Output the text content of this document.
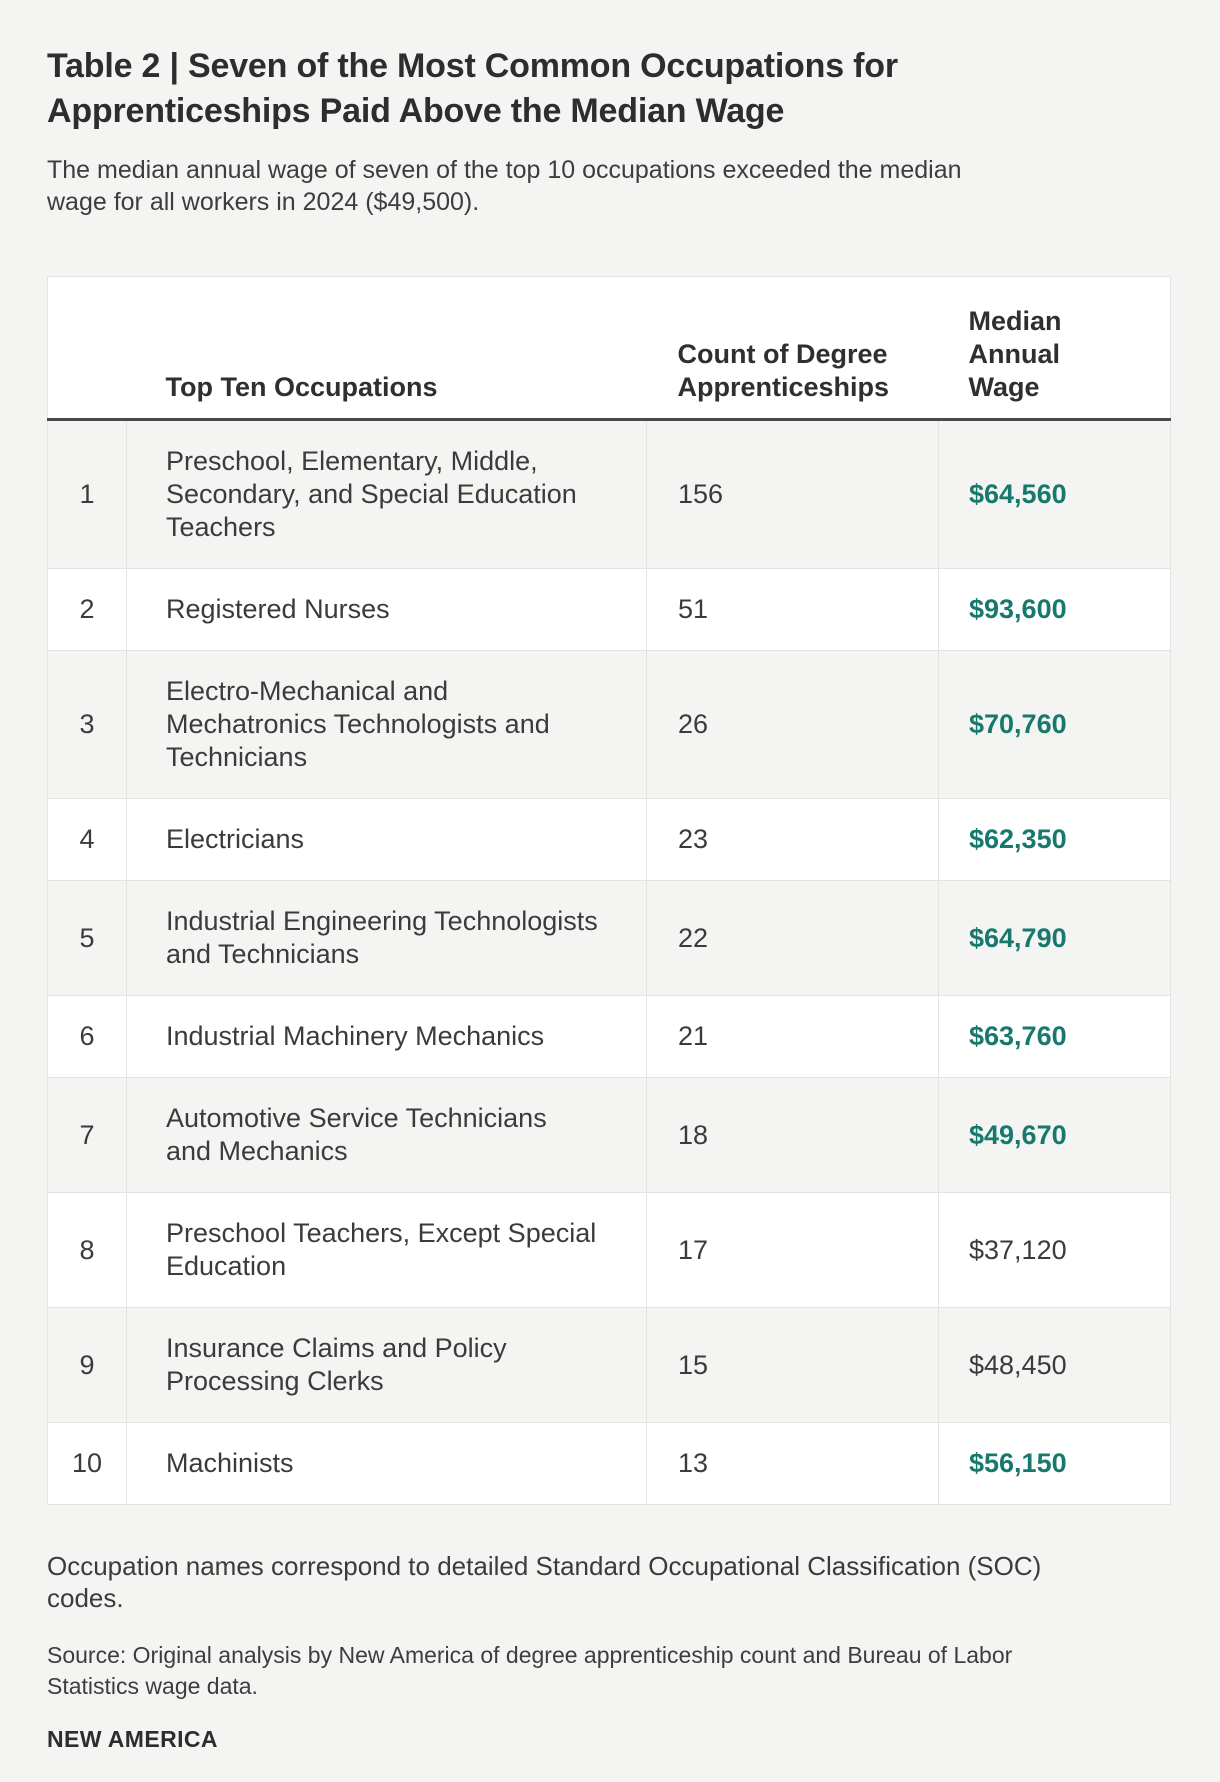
Table 2 | Seven of the Most Common Occupations for
Apprenticeships Paid Above the Median Wage
The median annual wage of seven of the top 10 occupations exceeded the median
wage for all workers in 2024 ($49,500).
	Top Ten Occupations	Count of Degree Apprenticeships	Median Annual Wage
1	Preschool, Elementary, Middle, Secondary, and Special Education Teachers	156	$64,560
2	Registered Nurses	51	$93,600
3	Electro-Mechanical and Mechatronics Technologists and Technicians	26	$70,760
4	Electricians	23	$62,350
5	Industrial Engineering Technologists and Technicians	22	$64,790
6	Industrial Machinery Mechanics	21	$63,760
7	Automotive Service Technicians and Mechanics	18	$49,670
8	Preschool Teachers, Except Special Education	17	$37,120
9	Insurance Claims and Policy Processing Clerks	15	$48,450
10	Machinists	13	$56,150
Occupation names correspond to detailed Standard Occupational Classification (SOC)
codes.
Source: Original analysis by New America of degree apprenticeship count and Bureau of Labor
Statistics wage data.
NEW AMERICA
